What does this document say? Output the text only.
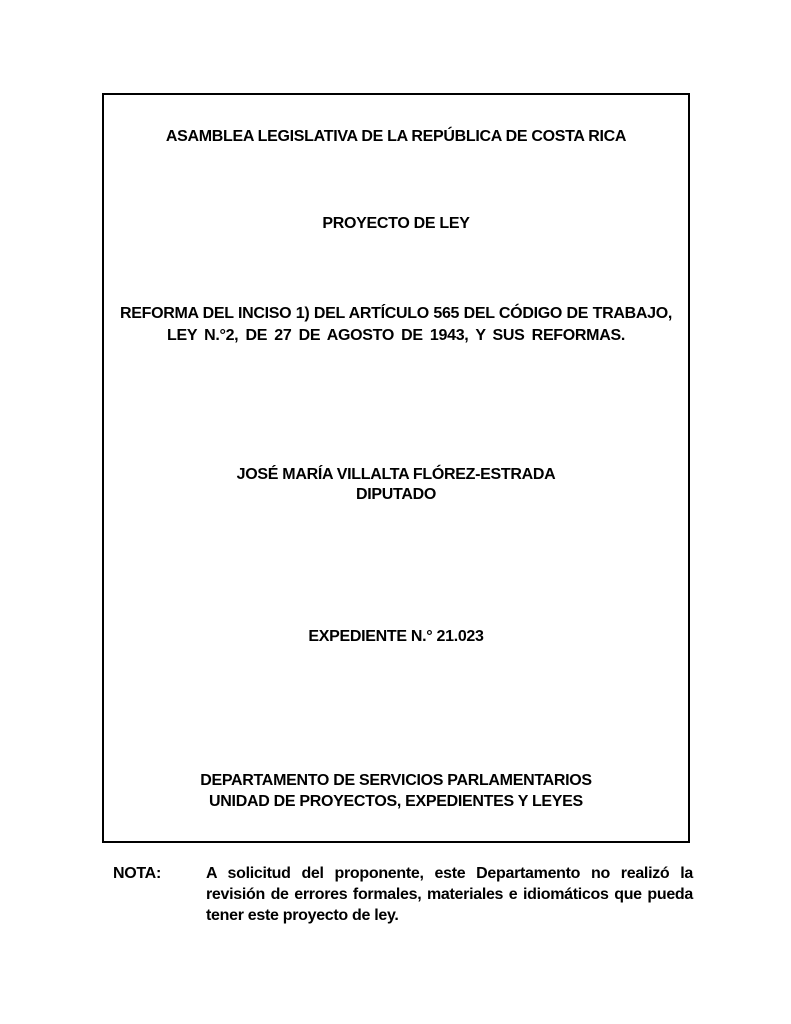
ASAMBLEA LEGISLATIVA DE LA REPÚBLICA DE COSTA RICA
PROYECTO DE LEY
REFORMA DEL INCISO 1) DEL ARTÍCULO 565 DEL CÓDIGO DE TRABAJO,
LEY N.°2, DE 27 DE AGOSTO DE 1943, Y SUS REFORMAS.
JOSÉ MARÍA VILLALTA FLÓREZ-ESTRADA
DIPUTADO
EXPEDIENTE N.° 21.023
DEPARTAMENTO DE SERVICIOS PARLAMENTARIOS
UNIDAD DE PROYECTOS, EXPEDIENTES Y LEYES
NOTA:	A solicitud del proponente, este Departamento no realizó la
revisión de errores formales, materiales e idiomáticos que pueda
tener este proyecto de ley.
